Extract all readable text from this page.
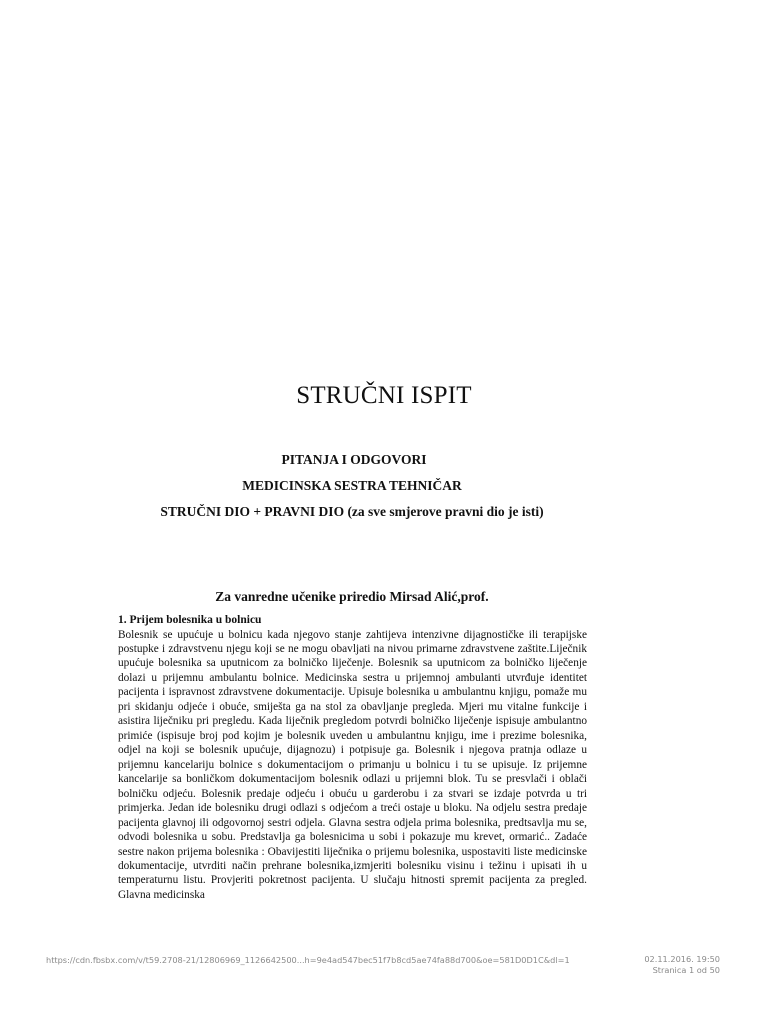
STRUČNI ISPIT

PITANJA I ODGOVORI

MEDICINSKA SESTRA TEHNIČAR

STRUČNI DIO + PRAVNI DIO (za sve smjerove pravni dio je isti)

Za vanredne učenike priredio Mirsad Alić,prof.

1. Prijem bolesnika u bolnicu

Bolesnik se upućuje u bolnicu kada njegovo stanje zahtijeva intenzivne dijagnostičke ili terapijske postupke i zdravstvenu njegu koji se ne mogu obavljati na nivou primarne zdravstvene zaštite.Liječnik upućuje bolesnika sa uputnicom za bolničko liječenje. Bolesnik sa uputnicom za bolničko liječenje dolazi u prijemnu ambulantu bolnice. Medicinska sestra u prijemnoj ambulanti utvrđuje identitet pacijenta i ispravnost zdravstvene dokumentacije. Upisuje bolesnika u ambulantnu knjigu, pomaže mu pri skidanju odjeće i obuće, smiješta ga na stol za obavljanje pregleda. Mjeri mu vitalne funkcije i asistira liječniku pri pregledu. Kada liječnik pregledom potvrdi bolničko liječenje ispisuje ambulantno primiće (ispisuje broj pod kojim je bolesnik uveden u ambulantnu knjigu, ime i prezime bolesnika, odjel na koji se bolesnik upućuje, dijagnozu) i potpisuje ga. Bolesnik i njegova pratnja odlaze u prijemnu kancelariju bolnice s dokumentacijom o primanju u bolnicu i tu se upisuje. Iz prijemne kancelarije sa bonličkom dokumentacijom bolesnik odlazi u prijemni blok. Tu se presvlači i oblači bolničku odjeću. Bolesnik predaje odjeću i obuću u garderobu i za stvari se izdaje potvrda u tri primjerka. Jedan ide bolesniku drugi odlazi s odjećom a treći ostaje u bloku. Na odjelu sestra predaje pacijenta glavnoj ili odgovornoj sestri odjela. Glavna sestra odjela prima bolesnika, predtsavlja mu se, odvodi bolesnika u sobu. Predstavlja ga bolesnicima u sobi i pokazuje mu krevet, ormarić.. Zadaće sestre nakon prijema bolesnika : Obavijestiti liječnika o prijemu bolesnika, uspostaviti liste medicinske dokumentacije, utvrditi način prehrane bolesnika,izmjeriti bolesniku visinu i težinu i upisati ih u temperaturnu listu. Provjeriti pokretnost pacijenta. U slučaju hitnosti spremit pacijenta za pregled. Glavna medicinska

https://cdn.fbsbx.com/v/t59.2708-21/12806969_1126642500...h=9e4ad547bec51f7b8cd5ae74fa88d700&oe=581D0D1C&dl=1	02.11.2016. 19:50
Stranica 1 od 50
